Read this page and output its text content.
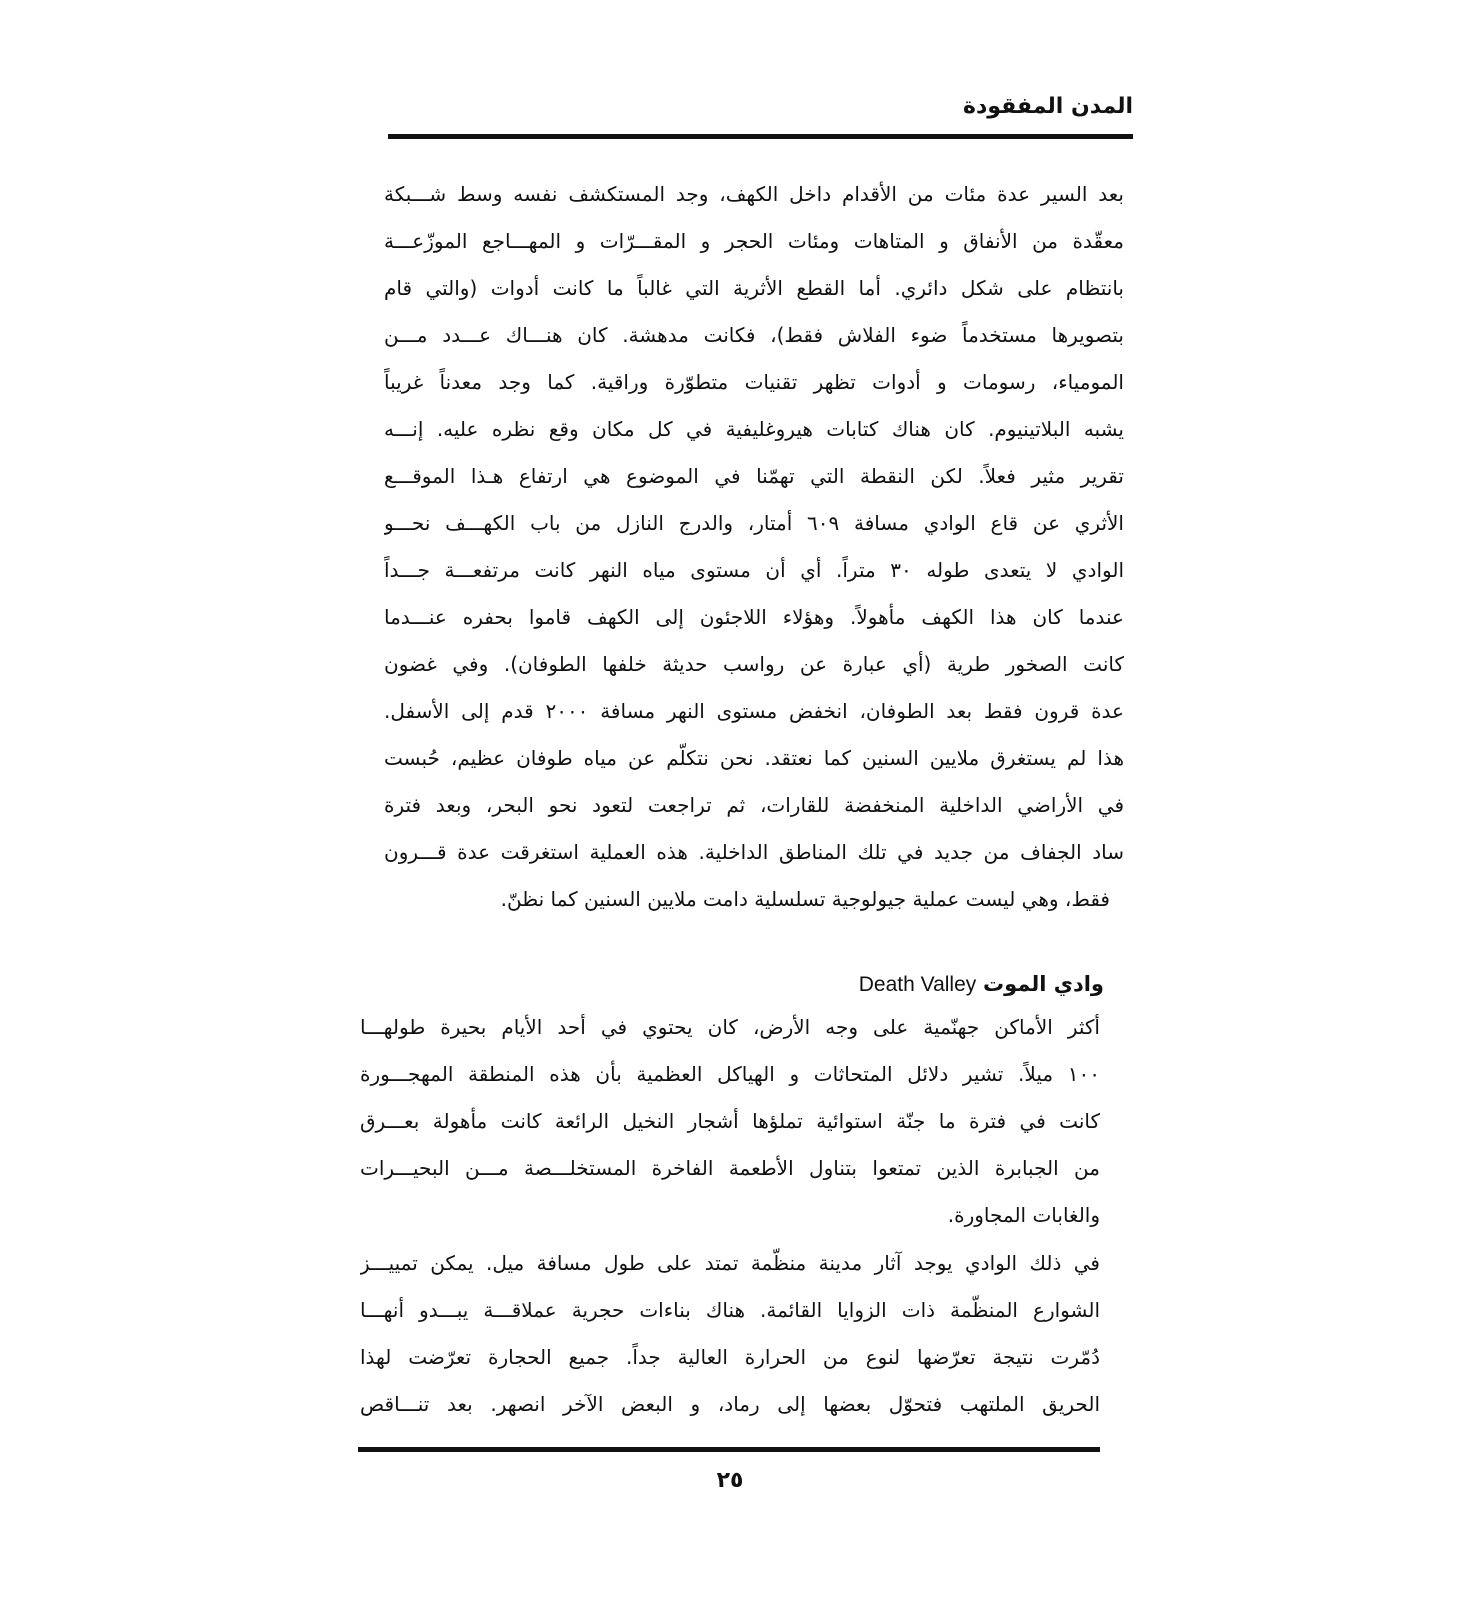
المدن المفقودة
بعد السير عدة مئات من الأقدام داخل الكهف، وجد المستكشف نفسه وسط شـــبكة
معقّدة من الأنفاق و المتاهات ومئات الحجر و المقـــرّات و المهـــاجع الموزّعـــة
بانتظام على شكل دائري. أما القطع الأثرية التي غالباً ما كانت أدوات (والتي قام
بتصويرها مستخدماً ضوء الفلاش فقط)، فكانت مدهشة. كان هنـــاك عـــدد مـــن
المومياء، رسومات و أدوات تظهر تقنيات متطوّرة وراقية. كما وجد معدناً غريباً
يشبه البلاتينيوم. كان هناك كتابات هيروغليفية في كل مكان وقع نظره عليه. إنـــه
تقرير مثير فعلاً. لكن النقطة التي تهمّنا في الموضوع هي ارتفاع هـذا الموقـــع
الأثري عن قاع الوادي مسافة ٦٠٩ أمتار، والدرج النازل من باب الكهـــف نحـــو
الوادي لا يتعدى طوله ٣٠ متراً. أي أن مستوى مياه النهر كانت مرتفعـــة جـــداً
عندما كان هذا الكهف مأهولاً. وهؤلاء اللاجئون إلى الكهف قاموا بحفره عنـــدما
كانت الصخور طرية (أي عبارة عن رواسب حديثة خلفها الطوفان). وفي غضون
عدة قرون فقط بعد الطوفان، انخفض مستوى النهر مسافة ٢٠٠٠ قدم إلى الأسفل.
هذا لم يستغرق ملايين السنين كما نعتقد. نحن نتكلّم عن مياه طوفان عظيم، حُبست
في الأراضي الداخلية المنخفضة للقارات، ثم تراجعت لتعود نحو البحر، وبعد فترة
ساد الجفاف من جديد في تلك المناطق الداخلية. هذه العملية استغرقت عدة قـــرون
فقط، وهي ليست عملية جيولوجية تسلسلية دامت ملايين السنين كما نظنّ.
وادي الموت Death Valley
أكثر الأماكن جهنّمية على وجه الأرض، كان يحتوي في أحد الأيام بحيرة طولهـــا
١٠٠ ميلاً. تشير دلائل المتحاثات و الهياكل العظمية بأن هذه المنطقة المهجـــورة
كانت في فترة ما جنّة استوائية تملؤها أشجار النخيل الرائعة كانت مأهولة بعـــرق
من الجبابرة الذين تمتعوا بتناول الأطعمة الفاخرة المستخلـــصة مـــن البحيـــرات
والغابات المجاورة.
في ذلك الوادي يوجد آثار مدينة منظّمة تمتد على طول مسافة ميل. يمكن تمييـــز
الشوارع المنظّمة ذات الزوايا القائمة. هناك بناءات حجرية عملاقـــة يبـــدو أنهـــا
دُمّرت نتيجة تعرّضها لنوع من الحرارة العالية جداً. جميع الحجارة تعرّضت لهذا
الحريق الملتهب فتحوّل بعضها إلى رماد، و البعض الآخر انصهر. بعد تنـــاقص
٢٥
